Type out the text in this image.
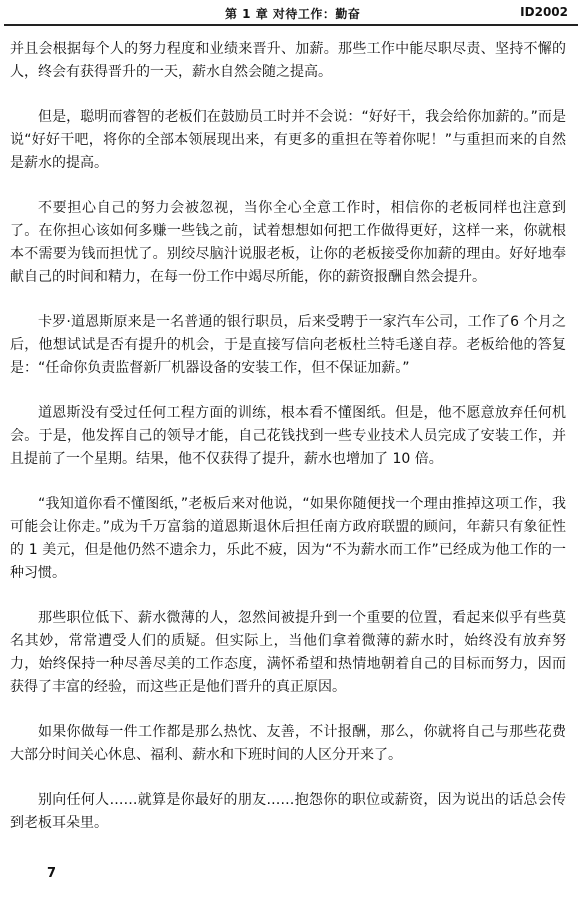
第 1 章 对待工作：勤奋	ID2002

并且会根据每个人的努力程度和业绩来晋升、加薪。那些工作中能尽职尽责、坚持不懈的人，终会有获得晋升的一天，薪水自然会随之提高。

但是，聪明而睿智的老板们在鼓励员工时并不会说：“好好干，我会给你加薪的。”而是说“好好干吧，将你的全部本领展现出来，有更多的重担在等着你呢！”与重担而来的自然是薪水的提高。

不要担心自己的努力会被忽视，当你全心全意工作时，相信你的老板同样也注意到了。在你担心该如何多赚一些钱之前，试着想想如何把工作做得更好，这样一来，你就根本不需要为钱而担忧了。别绞尽脑汁说服老板，让你的老板接受你加薪的理由。好好地奉献自己的时间和精力，在每一份工作中竭尽所能，你的薪资报酬自然会提升。

卡罗·道恩斯原来是一名普通的银行职员，后来受聘于一家汽车公司，工作了6 个月之后，他想试试是否有提升的机会，于是直接写信向老板杜兰特毛遂自荐。老板给他的答复是：“任命你负责监督新厂机器设备的安装工作，但不保证加薪。”

道恩斯没有受过任何工程方面的训练，根本看不懂图纸。但是，他不愿意放弃任何机会。于是，他发挥自己的领导才能，自己花钱找到一些专业技术人员完成了安装工作，并且提前了一个星期。结果，他不仅获得了提升，薪水也增加了 10 倍。

“我知道你看不懂图纸，”老板后来对他说，“如果你随便找一个理由推掉这项工作，我可能会让你走。”成为千万富翁的道恩斯退休后担任南方政府联盟的顾问，年薪只有象征性的 1 美元，但是他仍然不遗余力，乐此不疲，因为“不为薪水而工作”已经成为他工作的一种习惯。

那些职位低下、薪水微薄的人，忽然间被提升到一个重要的位置，看起来似乎有些莫名其妙，常常遭受人们的质疑。但实际上，当他们拿着微薄的薪水时，始终没有放弃努力，始终保持一种尽善尽美的工作态度，满怀希望和热情地朝着自己的目标而努力，因而获得了丰富的经验，而这些正是他们晋升的真正原因。

如果你做每一件工作都是那么热忱、友善，不计报酬，那么，你就将自己与那些花费大部分时间关心休息、福利、薪水和下班时间的人区分开来了。

别向任何人……就算是你最好的朋友……抱怨你的职位或薪资，因为说出的话总会传到老板耳朵里。

7
